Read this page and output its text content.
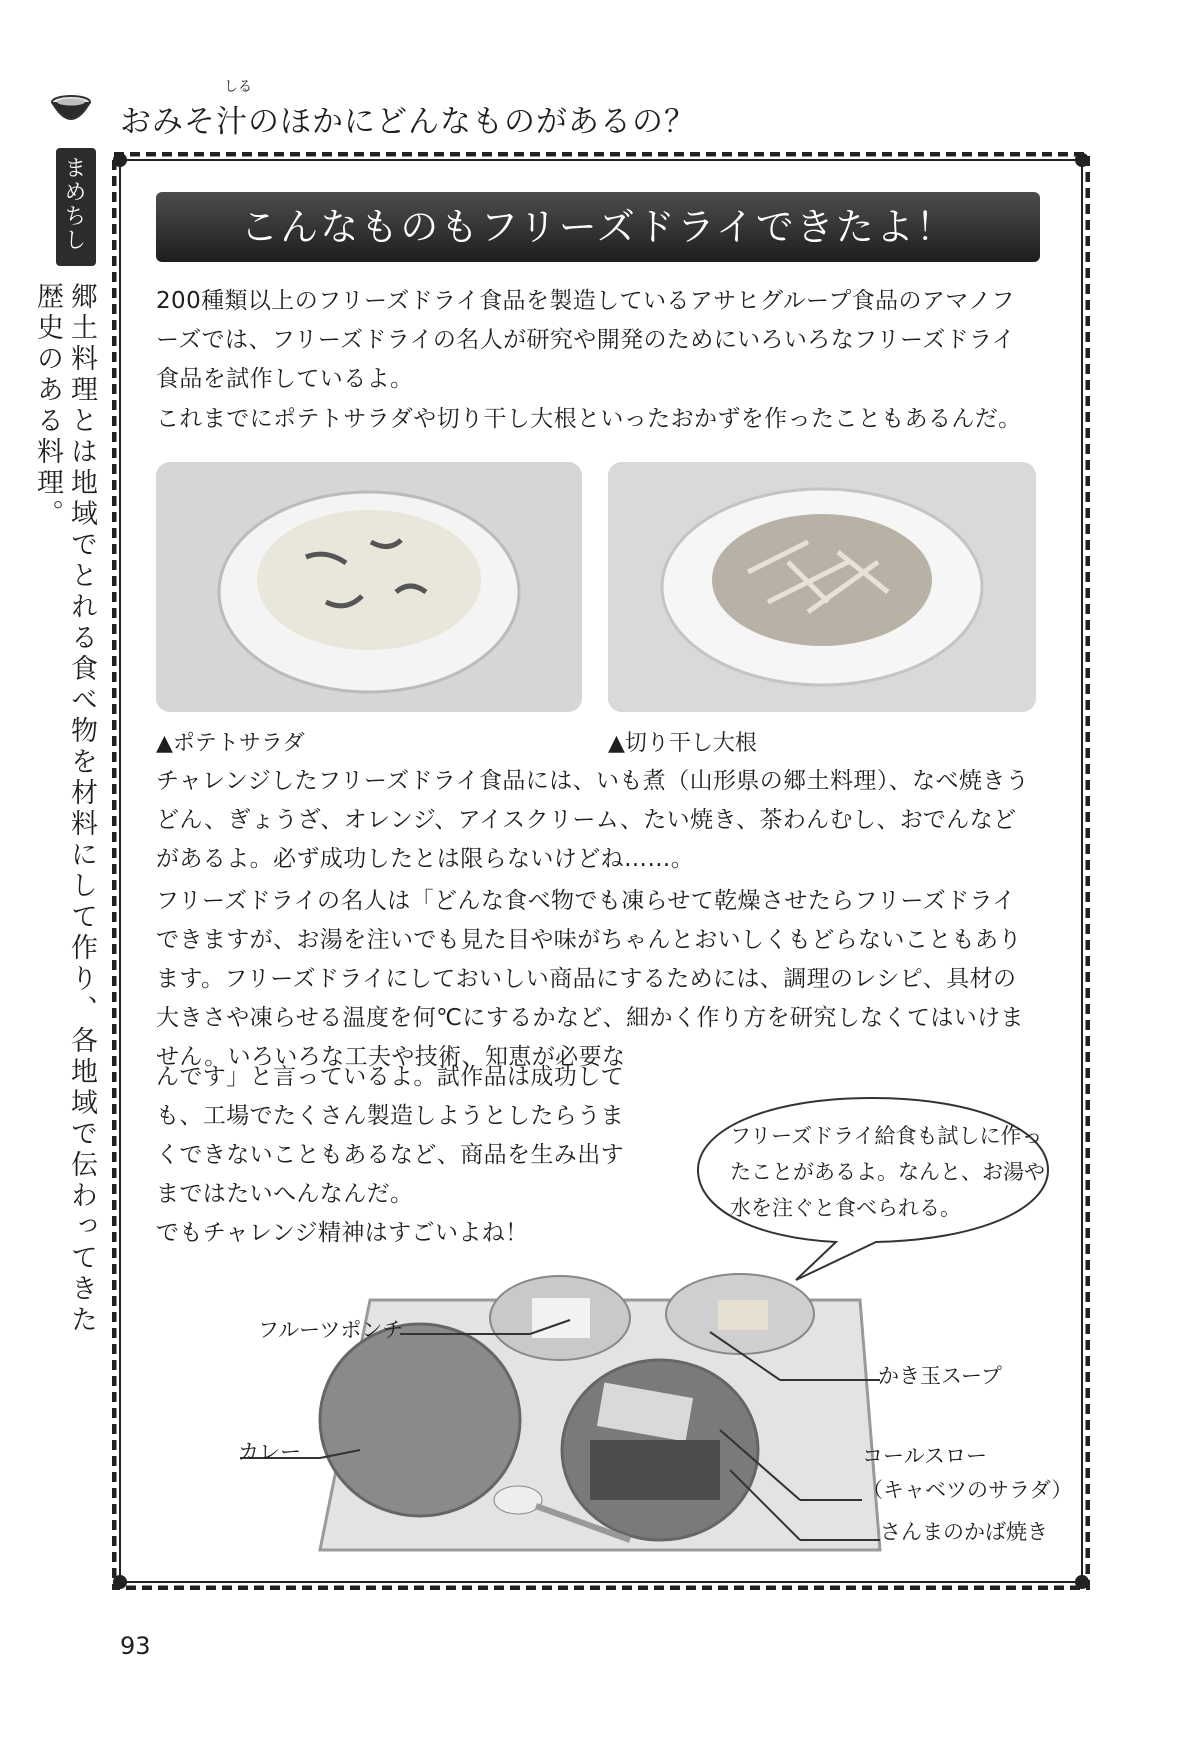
おみそ汁のほかにどんなものがあるの？
しる
まめちしき
郷土料理とは地域でとれる食べ物を材料にして作り、各地域で伝わってきた歴史のある料理。
こんなものもフリーズドライできたよ！
200種類以上のフリーズドライ食品を製造しているアサヒグループ食品のアマノフーズでは、フリーズドライの名人が研究や開発のためにいろいろなフリーズドライ食品を試作しているよ。
これまでにポテトサラダや切り干し大根といったおかずを作ったこともあるんだ。
▲ポテトサラダ	▲切り干し大根
チャレンジしたフリーズドライ食品には、いも煮（山形県の郷土料理）、なべ焼きうどん、ぎょうざ、オレンジ、アイスクリーム、たい焼き、茶わんむし、おでんなどがあるよ。必ず成功したとは限らないけどね……。
フリーズドライの名人は「どんな食べ物でも凍らせて乾燥させたらフリーズドライできますが、お湯を注いでも見た目や味がちゃんとおいしくもどらないこともあります。フリーズドライにしておいしい商品にするためには、調理のレシピ、具材の大きさや凍らせる温度を何℃にするかなど、細かく作り方を研究しなくてはいけません。いろいろな工夫や技術、知恵が必要な
んです」と言っているよ。試作品は成功しても、工場でたくさん製造しようとしたらうまくできないこともあるなど、商品を生み出すまではたいへんなんだ。
でもチャレンジ精神はすごいよね！
フリーズドライ給食も試しに作ったことがあるよ。なんと、お湯や水を注ぐと食べられる。
フルーツポンチ
カレー
かき玉スープ
コールスロー
（キャベツのサラダ）
さんまのかば焼き
93
